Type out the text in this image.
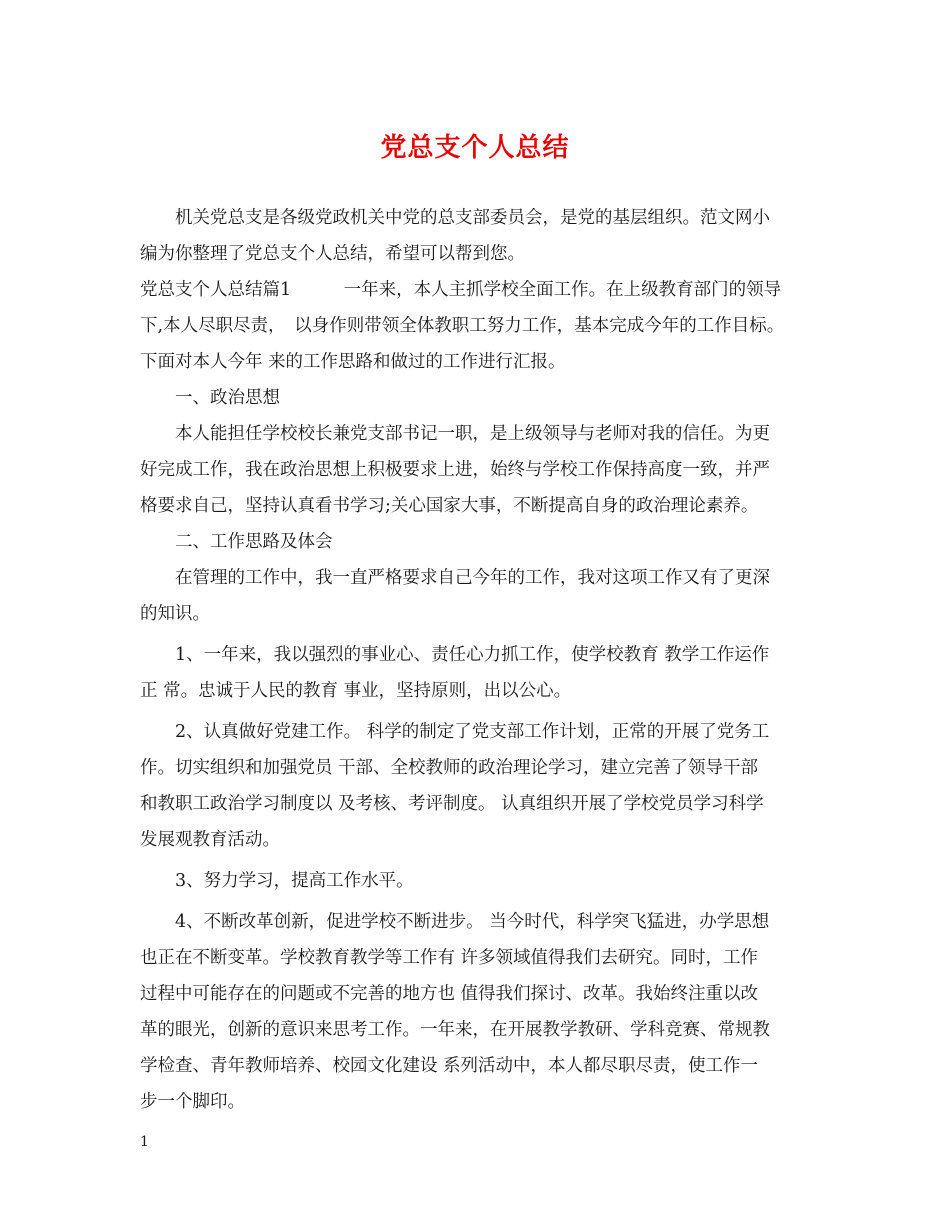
党总支个人总结
　　机关党总支是各级党政机关中党的总支部委员会，是党的基层组织。范文网小
编为你整理了党总支个人总结，希望可以帮到您。
党总支个人总结篇1　　　一年来，本人主抓学校全面工作。在上级教育部门的领导
下,本人尽职尽责，　以身作则带领全体教职工努力工作，基本完成今年的工作目标。
下面对本人今年 来的工作思路和做过的工作进行汇报。
　　一、政治思想
　　本人能担任学校校长兼党支部书记一职，是上级领导与老师对我的信任。为更
好完成工作，我在政治思想上积极要求上进，始终与学校工作保持高度一致，并严
格要求自己，坚持认真看书学习;关心国家大事，不断提高自身的政治理论素养。
　　二、工作思路及体会
　　在管理的工作中，我一直严格要求自己今年的工作，我对这项工作又有了更深
的知识。
　　1、一年来，我以强烈的事业心、责任心力抓工作，使学校教育 教学工作运作
正 常。忠诚于人民的教育 事业，坚持原则，出以公心。
　　2、认真做好党建工作。 科学的制定了党支部工作计划，正常的开展了党务工
作。切实组织和加强党员 干部、全校教师的政治理论学习，建立完善了领导干部
和教职工政治学习制度以 及考核、考评制度。 认真组织开展了学校党员学习科学
发展观教育活动。
　　3、努力学习，提高工作水平。
　　4、不断改革创新，促进学校不断进步。 当今时代，科学突飞猛进，办学思想
也正在不断变革。学校教育教学等工作有 许多领域值得我们去研究。同时，工作
过程中可能存在的问题或不完善的地方也 值得我们探讨、改革。我始终注重以改
革的眼光，创新的意识来思考工作。一年来，在开展教学教研、学科竞赛、常规教
学检查、青年教师培养、校园文化建设 系列活动中，本人都尽职尽责，使工作一
步一个脚印。
1
